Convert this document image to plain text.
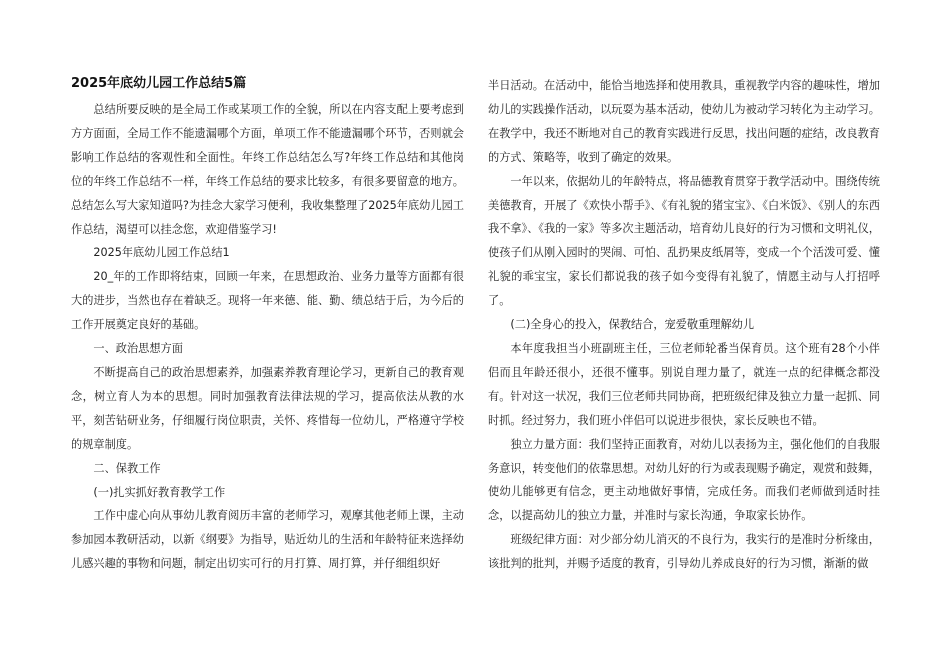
2025年底幼儿园工作总结5篇

总结所要反映的是全局工作或某项工作的全貌，所以在内容支配上要考虑到方方面面，全局工作不能遗漏哪个方面，单项工作不能遗漏哪个环节，否则就会影响工作总结的客观性和全面性。年终工作总结怎么写?年终工作总结和其他岗位的年终工作总结不一样，年终工作总结的要求比较多，有很多要留意的地方。总结怎么写大家知道吗?为挂念大家学习便利，我收集整理了2025年底幼儿园工作总结，渴望可以挂念您，欢迎借鉴学习!

2025年底幼儿园工作总结1

20_年的工作即将结束，回顾一年来，在思想政治、业务力量等方面都有很大的进步，当然也存在着缺乏。现将一年来德、能、勤、绩总结于后，为今后的工作开展奠定良好的基础。

一、政治思想方面

不断提高自己的政治思想素养，加强素养教育理论学习，更新自己的教育观念，树立育人为本的思想。同时加强教育法律法规的学习，提高依法从教的水平，刻苦钻研业务，仔细履行岗位职责，关怀、疼惜每一位幼儿，严格遵守学校的规章制度。

二、保教工作

(一)扎实抓好教育教学工作

工作中虚心向从事幼儿教育阅历丰富的老师学习，观摩其他老师上课，主动参加园本教研活动，以新《纲要》为指导，贴近幼儿的生活和年龄特征来选择幼儿感兴趣的事物和问题，制定出切实可行的月打算、周打算，并仔细组织好

半日活动。在活动中，能恰当地选择和使用教具，重视教学内容的趣味性，增加幼儿的实践操作活动，以玩耍为基本活动，使幼儿为被动学习转化为主动学习。在教学中，我还不断地对自己的教育实践进行反思，找出问题的症结，改良教育的方式、策略等，收到了确定的效果。

一年以来，依据幼儿的年龄特点，将品德教育贯穿于教学活动中。围绕传统美德教育，开展了《欢快小帮手》、《有礼貌的猪宝宝》、《白米饭》、《别人的东西我不拿》、《我的一家》等多次主题活动，培育幼儿良好的行为习惯和文明礼仪，使孩子们从刚入园时的哭闹、可怕、乱扔果皮纸屑等，变成一个个活泼可爱、懂礼貌的乖宝宝，家长们都说我的孩子如今变得有礼貌了，情愿主动与人打招呼了。

(二)全身心的投入，保教结合，宠爱敬重理解幼儿

本年度我担当小班副班主任，三位老师轮番当保育员。这个班有28个小伴侣而且年龄还很小，还很不懂事。别说自理力量了，就连一点的纪律概念都没有。针对这一状况，我们三位老师共同协商，把班级纪律及独立力量一起抓、同时抓。经过努力，我们班小伴侣可以说进步很快，家长反映也不错。

独立力量方面：我们坚持正面教育，对幼儿以表扬为主，强化他们的自我服务意识，转变他们的依靠思想。对幼儿好的行为或表现赐予确定，观赏和鼓舞，使幼儿能够更有信念，更主动地做好事情，完成任务。而我们老师做到适时挂念，以提高幼儿的独立力量，并准时与家长沟通，争取家长协作。

班级纪律方面：对少部分幼儿消灭的不良行为，我实行的是准时分析缘由，该批判的批判，并赐予适度的教育，引导幼儿养成良好的行为习惯，渐渐的做
